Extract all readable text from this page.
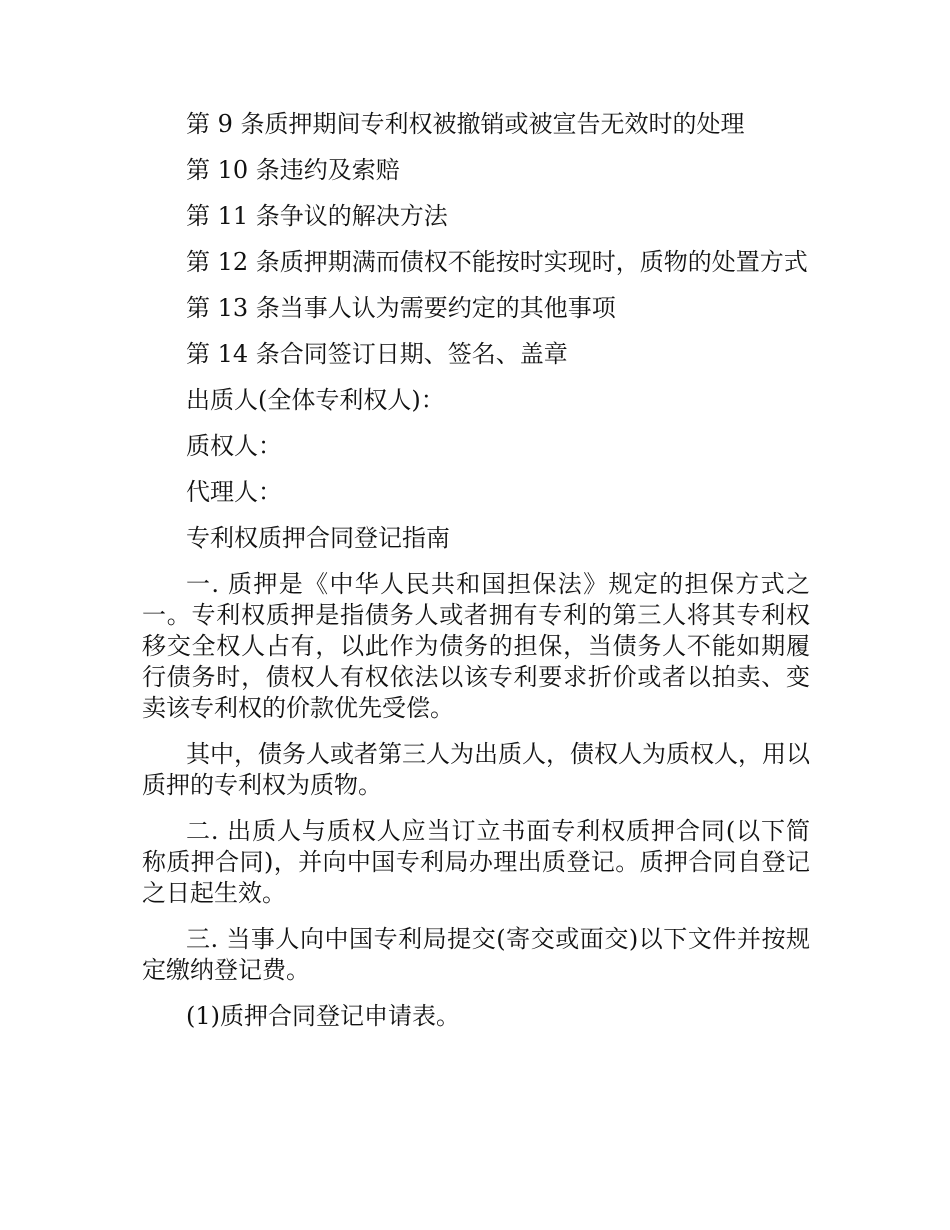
第 9 条质押期间专利权被撤销或被宣告无效时的处理

第 10 条违约及索赔

第 11 条争议的解决方法

第 12 条质押期满而债权不能按时实现时，质物的处置方式

第 13 条当事人认为需要约定的其他事项

第 14 条合同签订日期、签名、盖章

出质人(全体专利权人)：

质权人：

代理人：

专利权质押合同登记指南

一. 质押是《中华人民共和国担保法》规定的担保方式之一。专利权质押是指债务人或者拥有专利的第三人将其专利权移交全权人占有，以此作为债务的担保，当债务人不能如期履行债务时，债权人有权依法以该专利要求折价或者以拍卖、变卖该专利权的价款优先受偿。

其中，债务人或者第三人为出质人，债权人为质权人，用以质押的专利权为质物。

二. 出质人与质权人应当订立书面专利权质押合同(以下简称质押合同)，并向中国专利局办理出质登记。质押合同自登记之日起生效。

三. 当事人向中国专利局提交(寄交或面交)以下文件并按规定缴纳登记费。

(1)质押合同登记申请表。
